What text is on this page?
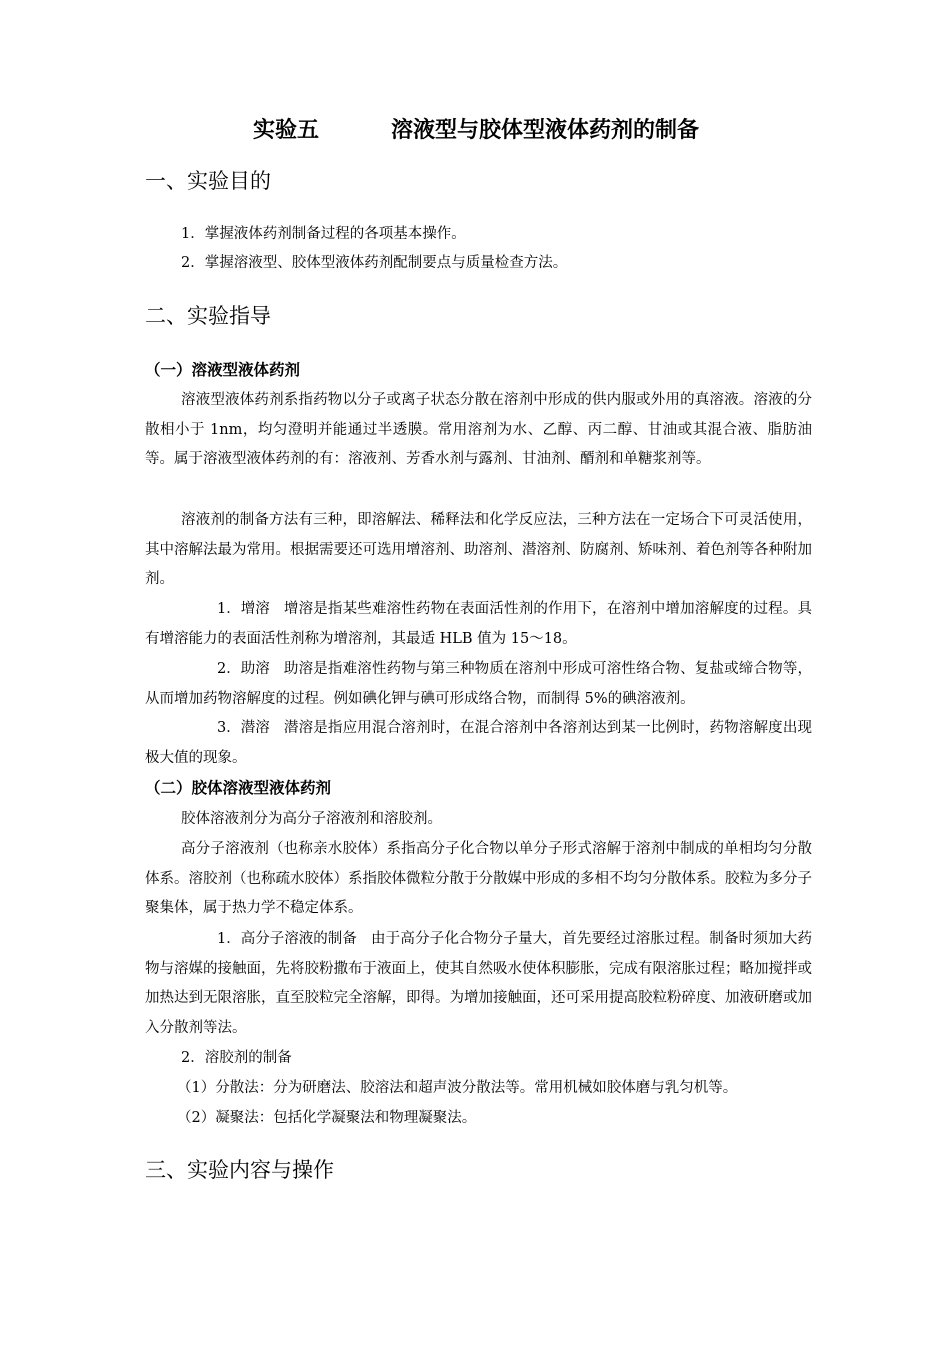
实验五	溶液型与胶体型液体药剂的制备
一、实验目的
1．掌握液体药剂制备过程的各项基本操作。
2．掌握溶液型、胶体型液体药剂配制要点与质量检查方法。
二、实验指导
（一）溶液型液体药剂

溶液型液体药剂系指药物以分子或离子状态分散在溶剂中形成的供内服或外用的真溶液。溶液的分散相小于 1nm，均匀澄明并能通过半透膜。常用溶剂为水、乙醇、丙二醇、甘油或其混合液、脂肪油等。属于溶液型液体药剂的有：溶液剂、芳香水剂与露剂、甘油剂、醑剂和单糖浆剂等。

溶液剂的制备方法有三种，即溶解法、稀释法和化学反应法，三种方法在一定场合下可灵活使用，其中溶解法最为常用。根据需要还可选用增溶剂、助溶剂、潜溶剂、防腐剂、矫味剂、着色剂等各种附加剂。

1．增溶 增溶是指某些难溶性药物在表面活性剂的作用下，在溶剂中增加溶解度的过程。具有增溶能力的表面活性剂称为增溶剂，其最适 HLB 值为 15～18。

2．助溶 助溶是指难溶性药物与第三种物质在溶剂中形成可溶性络合物、复盐或缔合物等，从而增加药物溶解度的过程。例如碘化钾与碘可形成络合物，而制得 5%的碘溶液剂。

3．潜溶 潜溶是指应用混合溶剂时，在混合溶剂中各溶剂达到某一比例时，药物溶解度出现极大值的现象。

（二）胶体溶液型液体药剂

胶体溶液剂分为高分子溶液剂和溶胶剂。

高分子溶液剂（也称亲水胶体）系指高分子化合物以单分子形式溶解于溶剂中制成的单相均匀分散体系。溶胶剂（也称疏水胶体）系指胶体微粒分散于分散媒中形成的多相不均匀分散体系。胶粒为多分子聚集体，属于热力学不稳定体系。

1．高分子溶液的制备 由于高分子化合物分子量大，首先要经过溶胀过程。制备时须加大药物与溶媒的接触面，先将胶粉撒布于液面上，使其自然吸水使体积膨胀，完成有限溶胀过程；略加搅拌或加热达到无限溶胀，直至胶粒完全溶解，即得。为增加接触面，还可采用提高胶粒粉碎度、加液研磨或加入分散剂等法。

2．溶胶剂的制备

（1）分散法：分为研磨法、胶溶法和超声波分散法等。常用机械如胶体磨与乳匀机等。
（2）凝聚法：包括化学凝聚法和物理凝聚法。
三、实验内容与操作
